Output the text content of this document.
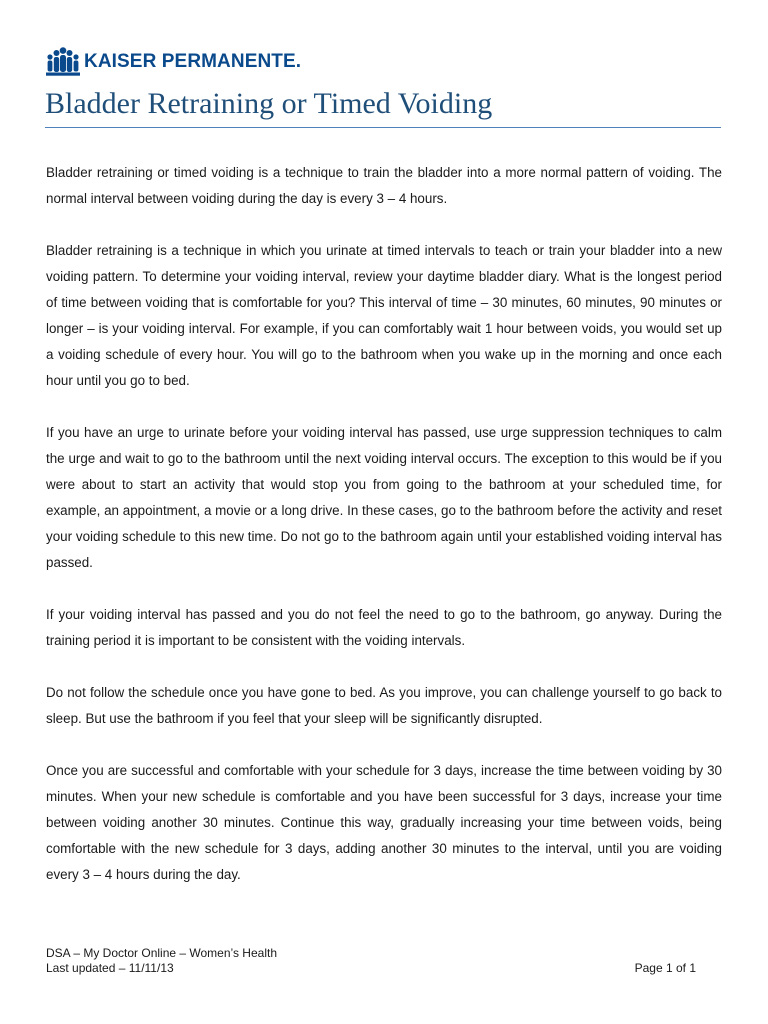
KAISER PERMANENTE.
Bladder Retraining or Timed Voiding

Bladder retraining or timed voiding is a technique to train the bladder into a more normal pattern of voiding. The normal interval between voiding during the day is every 3 – 4 hours.

Bladder retraining is a technique in which you urinate at timed intervals to teach or train your bladder into a new voiding pattern. To determine your voiding interval, review your daytime bladder diary. What is the longest period of time between voiding that is comfortable for you? This interval of time – 30 minutes, 60 minutes, 90 minutes or longer – is your voiding interval. For example, if you can comfortably wait 1 hour between voids, you would set up a voiding schedule of every hour. You will go to the bathroom when you wake up in the morning and once each hour until you go to bed.

If you have an urge to urinate before your voiding interval has passed, use urge suppression techniques to calm the urge and wait to go to the bathroom until the next voiding interval occurs. The exception to this would be if you were about to start an activity that would stop you from going to the bathroom at your scheduled time, for example, an appointment, a movie or a long drive. In these cases, go to the bathroom before the activity and reset your voiding schedule to this new time. Do not go to the bathroom again until your established voiding interval has passed.

If your voiding interval has passed and you do not feel the need to go to the bathroom, go anyway. During the training period it is important to be consistent with the voiding intervals.

Do not follow the schedule once you have gone to bed. As you improve, you can challenge yourself to go back to sleep. But use the bathroom if you feel that your sleep will be significantly disrupted.

Once you are successful and comfortable with your schedule for 3 days, increase the time between voiding by 30 minutes. When your new schedule is comfortable and you have been successful for 3 days, increase your time between voiding another 30 minutes. Continue this way, gradually increasing your time between voids, being comfortable with the new schedule for 3 days, adding another 30 minutes to the interval, until you are voiding every 3 – 4 hours during the day.

DSA – My Doctor Online – Women’s Health
Last updated – 11/11/13	Page 1 of 1
